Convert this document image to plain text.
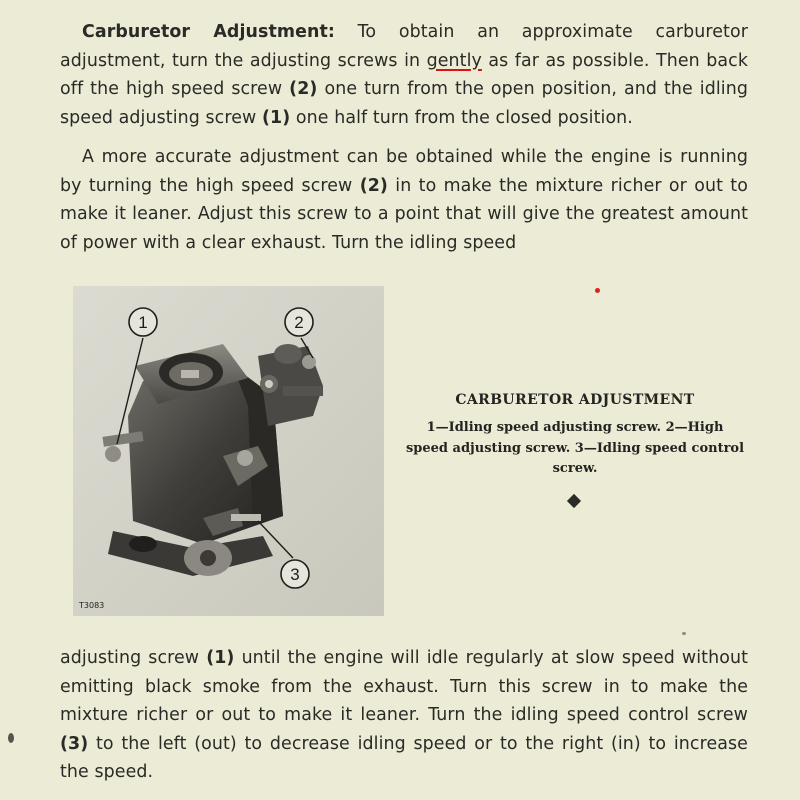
Carburetor Adjustment: To obtain an approximate carburetor adjustment, turn the adjusting screws in gently as far as possible. Then back off the high speed screw (2) one turn from the open position, and the idling speed adjusting screw (1) one half turn from the closed position.

A more accurate adjustment can be obtained while the engine is running by turning the high speed screw (2) in to make the mixture richer or out to make it leaner. Adjust this screw to a point that will give the greatest amount of power with a clear exhaust. Turn the idling speed

1	2
3
T3083
CARBURETOR ADJUSTMENT
1—Idling speed adjusting screw. 2—High speed adjusting screw. 3—Idling speed control screw.

adjusting screw (1) until the engine will idle regularly at slow speed without emitting black smoke from the exhaust. Turn this screw in to make the mixture richer or out to make it leaner. Turn the idling speed control screw (3) to the left (out) to decrease idling speed or to the right (in) to increase the speed.
